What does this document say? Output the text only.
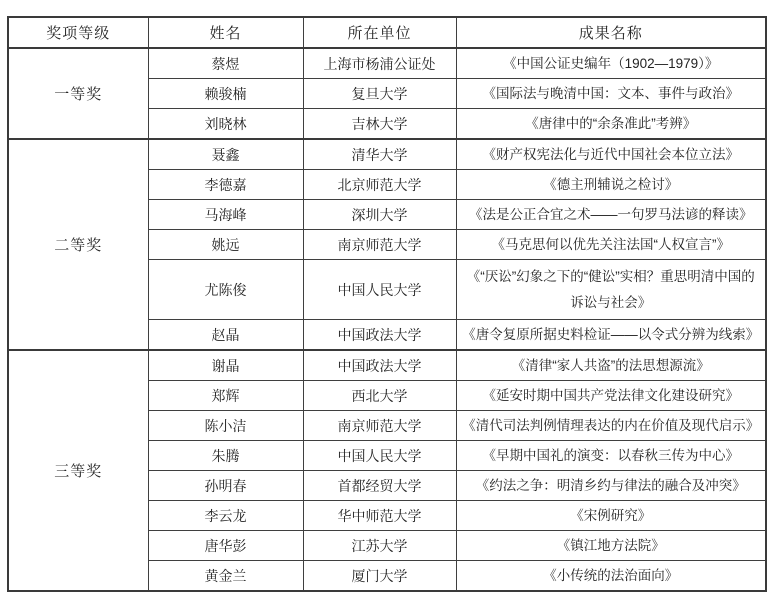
奖项等级	姓名	所在单位	成果名称
一等奖	蔡煜	上海市杨浦公证处	《中国公证史编年（1902—1979）》
	赖骏楠	复旦大学	《国际法与晚清中国：文本、事件与政治》
	刘晓林	吉林大学	《唐律中的“余条准此”考辨》
二等奖	聂鑫	清华大学	《财产权宪法化与近代中国社会本位立法》
	李德嘉	北京师范大学	《德主刑辅说之检讨》
	马海峰	深圳大学	《法是公正合宜之术——一句罗马法谚的释读》
	姚远	南京师范大学	《马克思何以优先关注法国“人权宣言”》
	尤陈俊	中国人民大学	《“厌讼”幻象之下的“健讼”实相？重思明清中国的诉讼与社会》
	赵晶	中国政法大学	《唐令复原所据史料检证——以令式分辨为线索》
三等奖	谢晶	中国政法大学	《清律“家人共盗”的法思想源流》
	郑辉	西北大学	《延安时期中国共产党法律文化建设研究》
	陈小洁	南京师范大学	《清代司法判例情理表达的内在价值及现代启示》
	朱腾	中国人民大学	《早期中国礼的演变：以春秋三传为中心》
	孙明春	首都经贸大学	《约法之争：明清乡约与律法的融合及冲突》
	李云龙	华中师范大学	《宋例研究》
	唐华彭	江苏大学	《镇江地方法院》
	黄金兰	厦门大学	《小传统的法治面向》
